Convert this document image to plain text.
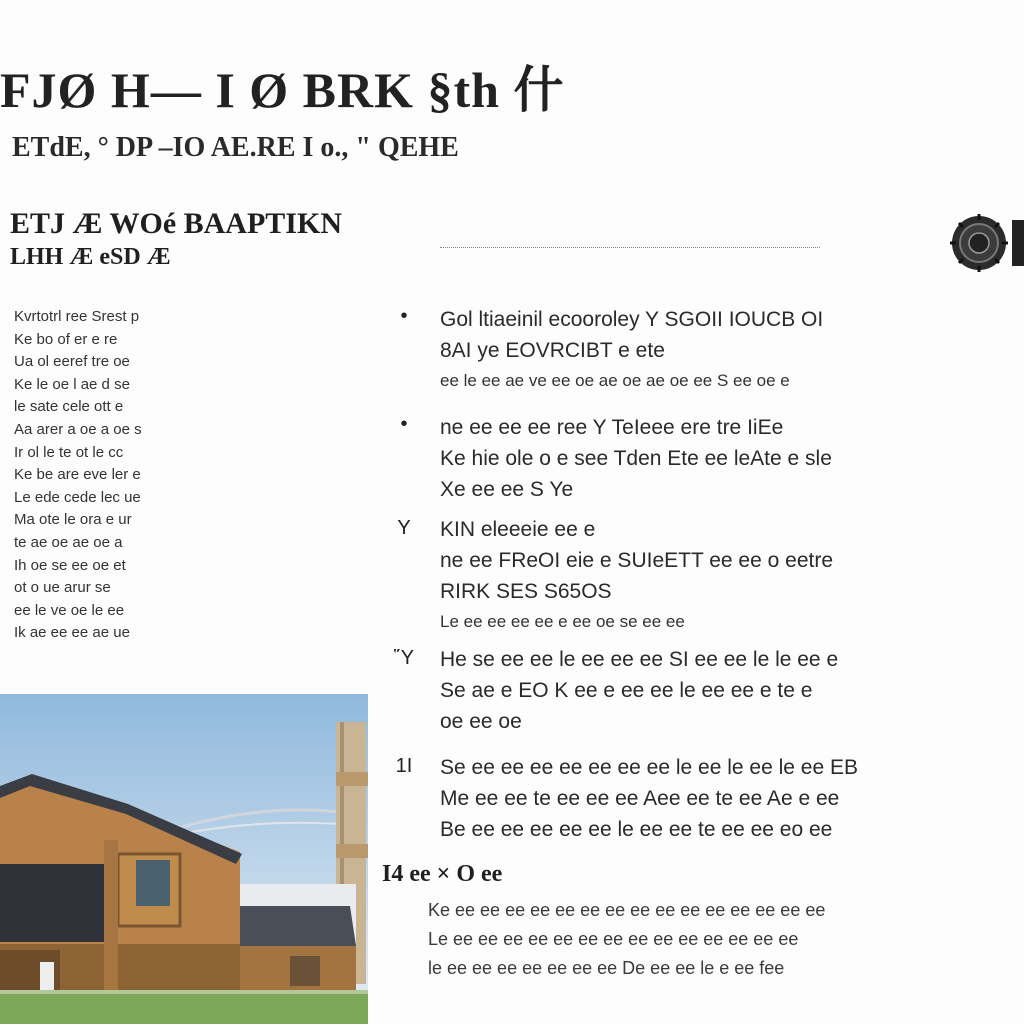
FJØ H— I Ø BRK §th 什
ETdE, ° DP –IO AE.RE I o., " QEHE
ETJ Æ WOé BAAPTIKN
LHH Æ eSD Æ
Kvrtotrl ree Srest p
Ke bo of er e re
Ua ol eeref tre oe
Ke le oe l ae d se
le sate cele ott e
Aa arer a oe a oe s
Ir ol le te ot le cc
Ke be are eve ler e
Le ede cede lec ue
Ma ote le ora e ur
te ae oe ae oe a
Ih oe se ee oe et
ot o ue arur se
ee le ve oe le ee
Ik ae ee ee ae ue
•	Gol ltiaeinil ecooroley Y SGOII IOUCB OI
8AI ye EOVRCIBT e ete
ee le ee ae ve ee oe ae oe ae oe ee S ee oe e
•	ne ee ee ee ree Y TeIeee ere tre IiEe
Ke hie ole o e see Tden Ete ee leAte e sle
Xe ee ee S Ye
Y KIN eleeeie ee e
ne ee FReOI eie e SUIeETT ee ee o eetre
RIRK SES S65OS
Le ee ee ee ee e ee oe se ee ee
Ὕ He se ee ee le ee ee ee SI ee ee le le ee e
Se ae e EO K ee e ee ee le ee ee e te e
oe ee oe
1I Se ee ee ee ee ee ee ee le ee le ee le ee EB
Me ee ee te ee ee ee Aee ee te ee Ae e ee
Be ee ee ee ee ee le ee ee te ee ee eo ee
I4 ee × O ee
Ke ee ee ee ee ee ee ee ee ee ee ee ee ee ee ee
Le ee ee ee ee ee ee ee ee ee ee ee ee ee ee
le ee ee ee ee ee ee ee De ee ee le e ee fee
